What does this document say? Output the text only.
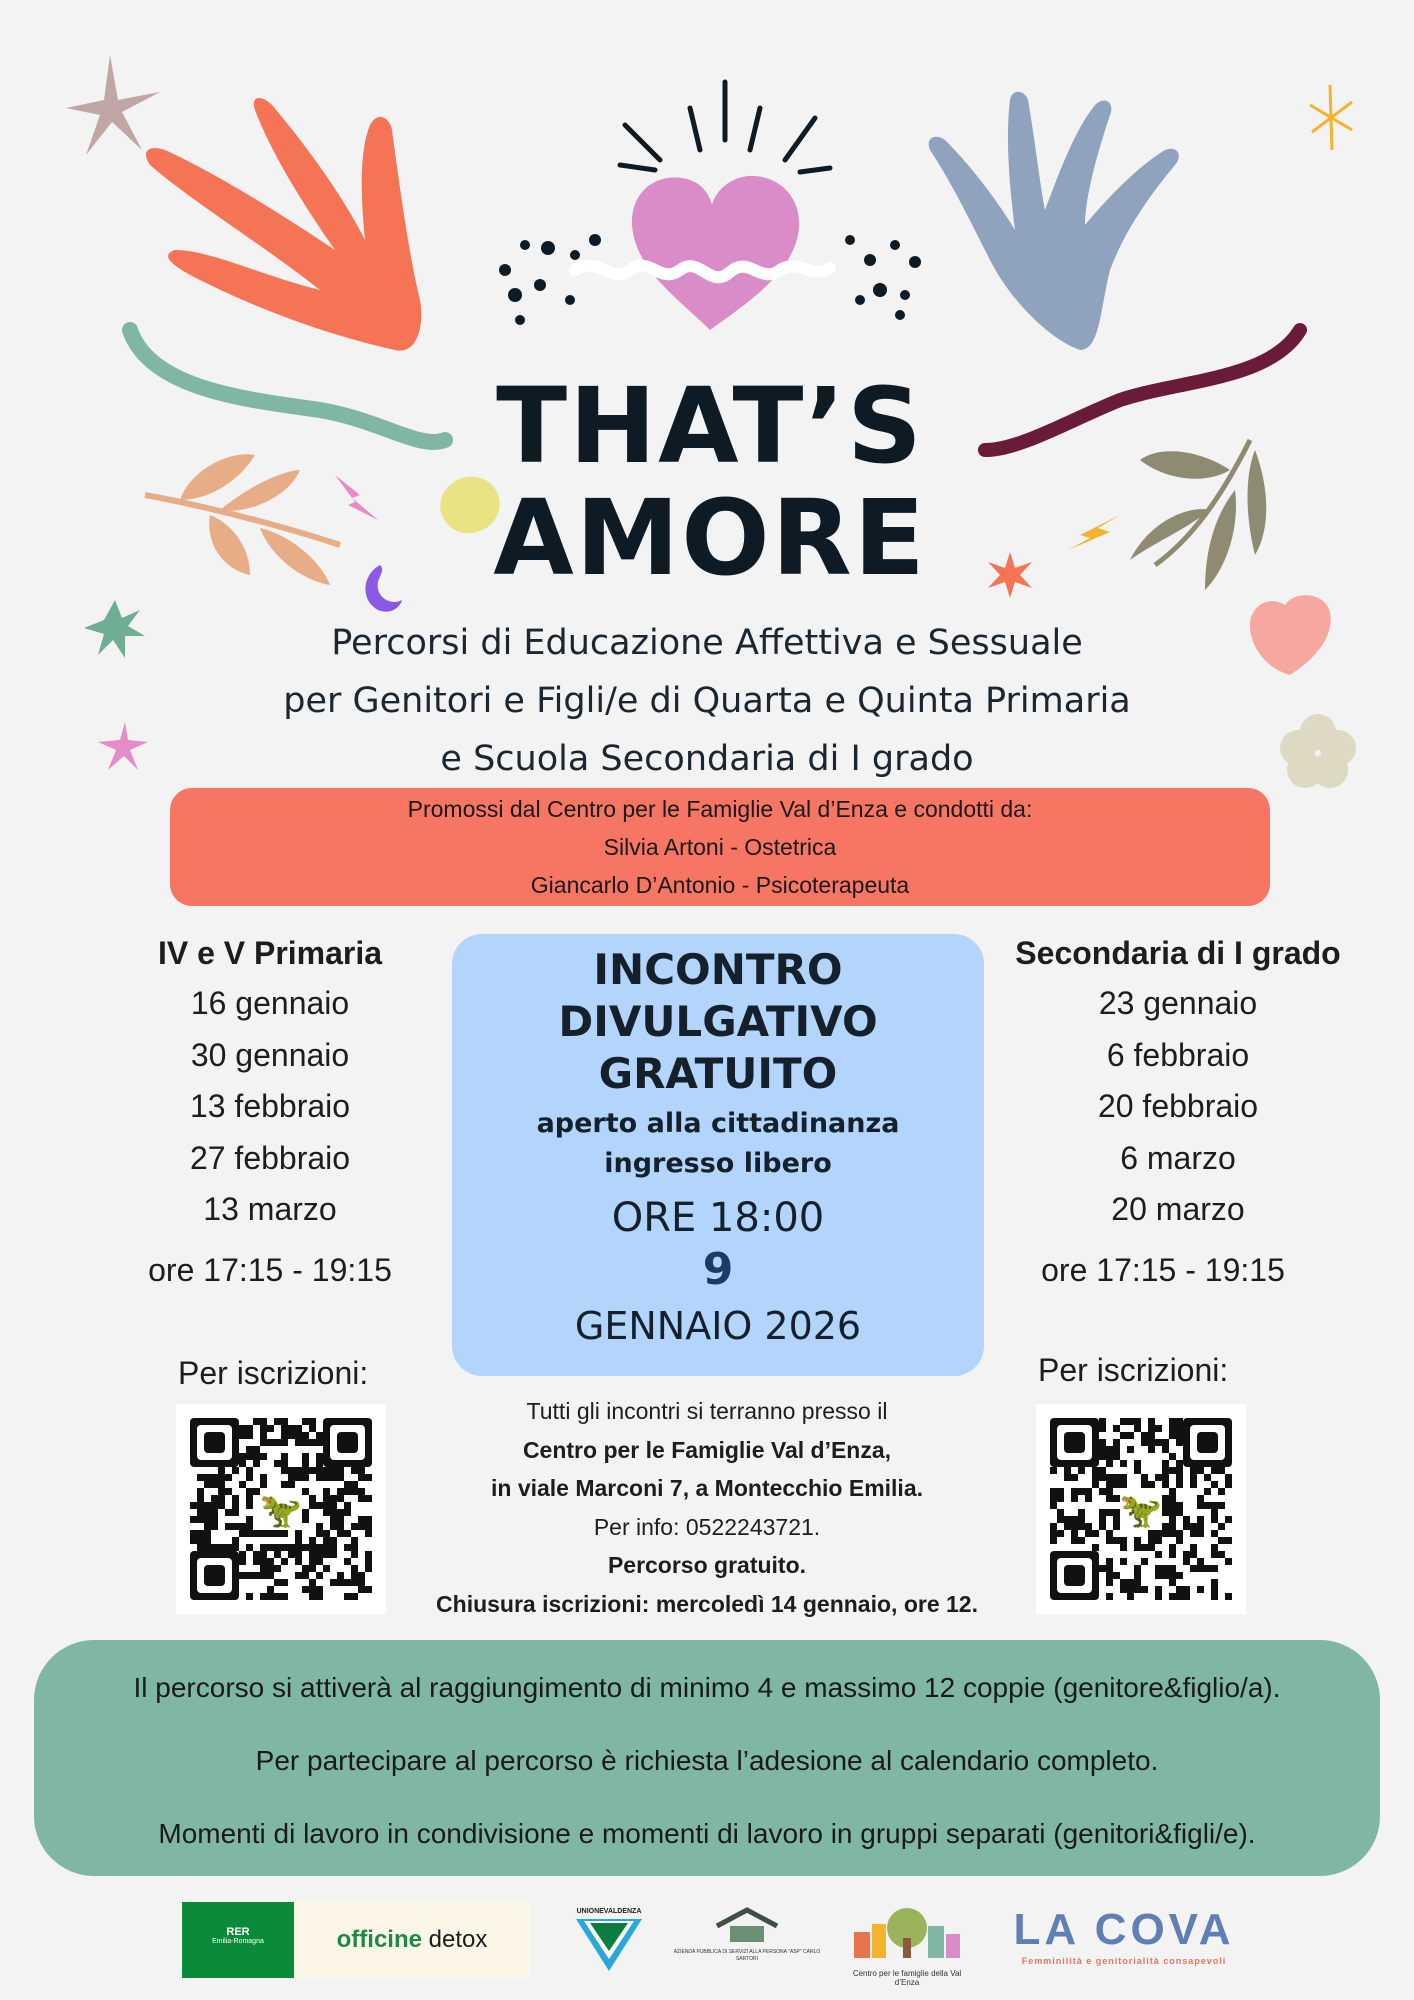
THAT’S
AMORE
Percorsi di Educazione Affettiva e Sessuale
per Genitori e Figli/e di Quarta e Quinta Primaria
e Scuola Secondaria di I grado
Promossi dal Centro per le Famiglie Val d’Enza e condotti da:
Silvia Artoni - Ostetrica
Giancarlo D’Antonio - Psicoterapeuta
IV e V Primaria
16 gennaio
30 gennaio
13 febbraio
27 febbraio
13 marzo
ore 17:15 - 19:15
Secondaria di I grado
23 gennaio
6 febbraio
20 febbraio
6 marzo
20 marzo
ore 17:15 - 19:15
INCONTRO
DIVULGATIVO
GRATUITO
aperto alla cittadinanza
ingresso libero
ORE 18:00
9
GENNAIO 2026
Per iscrizioni:	Per iscrizioni:
🦖	🦖
Tutti gli incontri si terranno presso il
Centro per le Famiglie Val d’Enza,
in viale Marconi 7, a Montecchio Emilia.
Per info: 0522243721.
Percorso gratuito.
Chiusura iscrizioni: mercoledì 14 gennaio, ore 12.
Il percorso si attiverà al raggiungimento di minimo 4 e massimo 12 coppie (genitore&figlio/a).
Per partecipare al percorso è richiesta l’adesione al calendario completo.
Momenti di lavoro in condivisione e momenti di lavoro in gruppi separati (genitori&figli/e).
RER
Emilia-Romagna	officine detox
UNIONEVALDENZA
AZIENDA PUBBLICA DI SERVIZI ALLA PERSONA "ASP" CARLO SARTORI
Centro per le famiglie della Val d’Enza
LA COVA
Femminilità e genitorialità consapevoli
